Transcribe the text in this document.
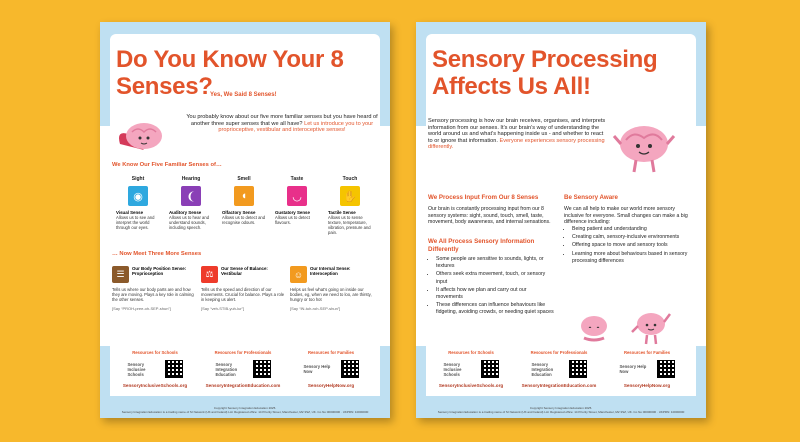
Do You Know Your 8
Senses?
Yes, We Said 8 Senses!
You probably know about our five more familiar senses but you have heard of another three super senses that we all have? Let us introduce you to your proprioceptive, vestibular and interoceptive senses!
We Know Our Five Familiar Senses of…
Sight
◉
Visual Sense
Allows us to see and interpret the world through our eyes.
Hearing
❨
Auditory Sense
Allows us to hear and understand sounds, including speech.
Smell
◖
Olfactory Sense
Allows us to detect and recognise odours.
Taste
◡
Gustatory Sense
Allows us to detect flavours.
Touch
✋
Tactile Sense
Allows us to sense texture, temperature, vibration, pressure and pain.
… Now Meet Three More Senses
☰
Our Body Position Sense: Proprioception
Tells us where our body parts are and how they are moving. Plays a key role in calming the other senses.
[Say “PROH-pree-oh-SEP-shun”]
⚖
Our Sense of Balance: Vestibular
Tells us the speed and direction of our movements. Crucial for balance. Plays a role in keeping us alert.
[Say “veh-STIB-yuh-lur”]
☺
Our Internal Sense: Interoception
Helps us feel what’s going on inside our bodies, eg, when we need to loo, are thirsty, hungry or too hot
[Say “IN-tuh-roh-SEP-shun”]
Resources for Schools
Sensory Inclusive Schools
SensoryInclusiveSchools.org
Resources for Professionals
Sensory Integration Education
SensoryIntegrationEducation.com
Resources for Families
Sensory Help Now
SensoryHelpNow.org
Copyright Sensory Integration Education 2025.
Sensory Integration Education is a trading name of SI Network (UK and Ireland) Ltd. Registered office: 14 Priority Street, Manchester, M2 3SZ, UK. Co No 00000000 · UKPRN: 10000000
Sensory Processing
Affects Us All!
Sensory processing is how our brain receives, organises, and interprets information from our senses. It’s our brain’s way of understanding the world around us and what’s happening inside us - and whether to react to or ignore that information. Everyone experiences sensory processing differently.
We Process Input From Our 8 Senses
Our brain is constantly processing input from our 8 sensory systems: sight, sound, touch, smell, taste, movement, body awareness, and internal sensations.
We All Process Sensory Information Differently
• Some people are sensitive to sounds, lights, or textures
• Others seek extra movement, touch, or sensory input
• It affects how we plan and carry out our movements
• These differences can influence behaviours like fidgeting, avoiding crowds, or needing quiet spaces
Be Sensory Aware
We can all help to make our world more sensory inclusive for everyone. Small changes can make a big difference including:
• Being patient and understanding
• Creating calm, sensory-inclusive environments
• Offering space to move and sensory tools
• Learning more about behaviours based in sensory processing differences
Resources for Schools
Sensory Inclusive Schools
SensoryInclusiveSchools.org
Resources for Professionals
Sensory Integration Education
SensoryIntegrationEducation.com
Resources for Families
Sensory Help Now
SensoryHelpNow.org
Copyright Sensory Integration Education 2025.
Sensory Integration Education is a trading name of SI Network (UK and Ireland) Ltd. Registered office: 14 Priority Street, Manchester, M2 3SZ, UK. Co No 00000000 · UKPRN: 10000000
